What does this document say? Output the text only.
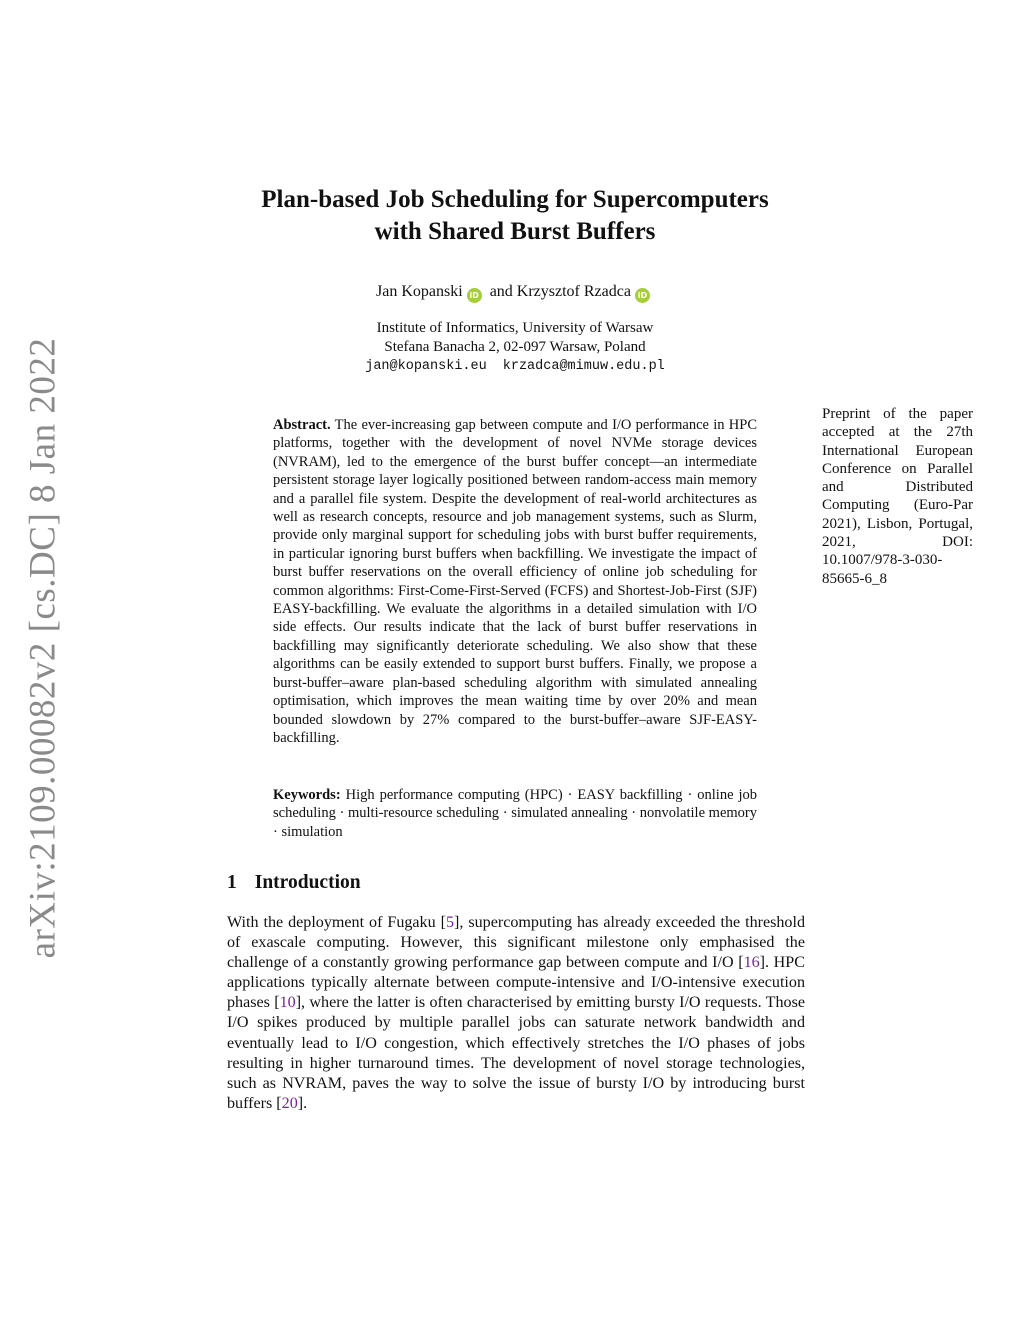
arXiv:2109.00082v2 [cs.DC] 8 Jan 2022
Plan-based Job Scheduling for Supercomputers
with Shared Burst Buffers
Jan Kopanski iD and Krzysztof Rzadca iD
Institute of Informatics, University of Warsaw
Stefana Banacha 2, 02-097 Warsaw, Poland
jan@kopanski.eu krzadca@mimuw.edu.pl
Preprint of the paper accepted at the 27th International European Conference on Parallel and Distributed Computing (Euro-Par 2021), Lisbon, Portugal, 2021, DOI: 10.1007/978-3-030-85665-6_8
Abstract. The ever-increasing gap between compute and I/O performance in HPC platforms, together with the development of novel NVMe storage devices (NVRAM), led to the emergence of the burst buffer concept—an intermediate persistent storage layer logically positioned between random-access main memory and a parallel file system. Despite the development of real-world architectures as well as research concepts, resource and job management systems, such as Slurm, provide only marginal support for scheduling jobs with burst buffer requirements, in particular ignoring burst buffers when backfilling. We investigate the impact of burst buffer reservations on the overall efficiency of online job scheduling for common algorithms: First-Come-First-Served (FCFS) and Shortest-Job-First (SJF) EASY-backfilling. We evaluate the algorithms in a detailed simulation with I/O side effects. Our results indicate that the lack of burst buffer reservations in backfilling may significantly deteriorate scheduling. We also show that these algorithms can be easily extended to support burst buffers. Finally, we propose a burst-buffer–aware plan-based scheduling algorithm with simulated annealing optimisation, which improves the mean waiting time by over 20% and mean bounded slowdown by 27% compared to the burst-buffer–aware SJF-EASY-backfilling.
Keywords: High performance computing (HPC) · EASY backfilling · online job scheduling · multi-resource scheduling · simulated annealing · nonvolatile memory · simulation
1 Introduction
With the deployment of Fugaku [5], supercomputing has already exceeded the threshold of exascale computing. However, this significant milestone only emphasised the challenge of a constantly growing performance gap between compute and I/O [16]. HPC applications typically alternate between compute-intensive and I/O-intensive execution phases [10], where the latter is often characterised by emitting bursty I/O requests. Those I/O spikes produced by multiple parallel jobs can saturate network bandwidth and eventually lead to I/O congestion, which effectively stretches the I/O phases of jobs resulting in higher turnaround times. The development of novel storage technologies, such as NVRAM, paves the way to solve the issue of bursty I/O by introducing burst buffers [20].
